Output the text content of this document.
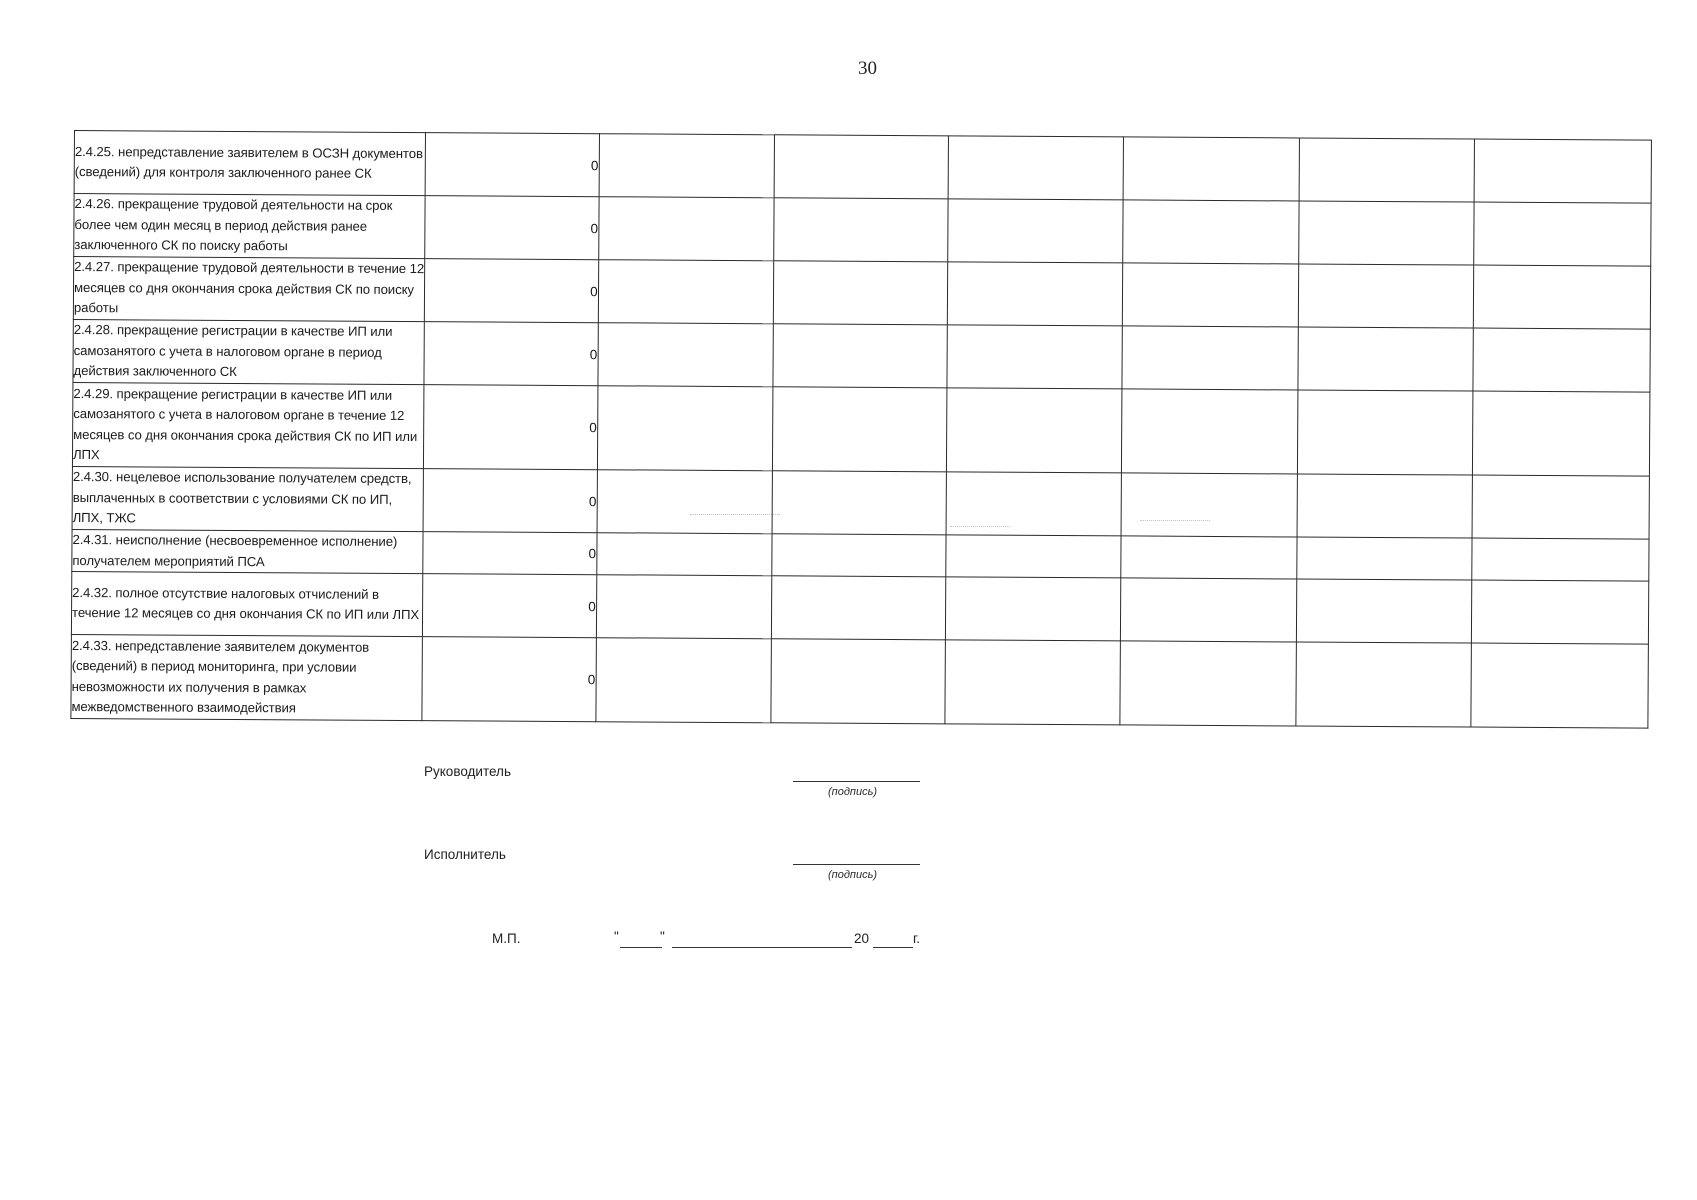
30
2.4.25. непредставление заявителем в ОСЗН документов (сведений) для контроля заключенного ранее СК	0						
2.4.26. прекращение трудовой деятельности на срок более чем один месяц в период действия ранее заключенного СК по поиску работы	0						
2.4.27. прекращение трудовой деятельности в течение 12 месяцев со дня окончания срока действия СК по поиску работы	0						
2.4.28. прекращение регистрации в качестве ИП или самозанятого с учета в налоговом органе в период действия заключенного СК	0						
2.4.29. прекращение регистрации в качестве ИП или самозанятого с учета в налоговом органе в течение 12 месяцев со дня окончания срока действия СК по ИП или ЛПХ	0						
2.4.30. нецелевое использование получателем средств, выплаченных в соответствии с условиями СК по ИП, ЛПХ, ТЖС	0						
2.4.31. неисполнение (несвоевременное исполнение) получателем мероприятий ПСА	0						
2.4.32. полное отсутствие налоговых отчислений в течение 12 месяцев со дня окончания СК по ИП или ЛПХ	0						
2.4.33. непредставление заявителем документов (сведений) в период мониторинга, при условии невозможности их получения в рамках межведомственного взаимодействия	0						
Руководитель
(подпись)
Исполнитель
(подпись)
М.П.	"	"	20	г.
